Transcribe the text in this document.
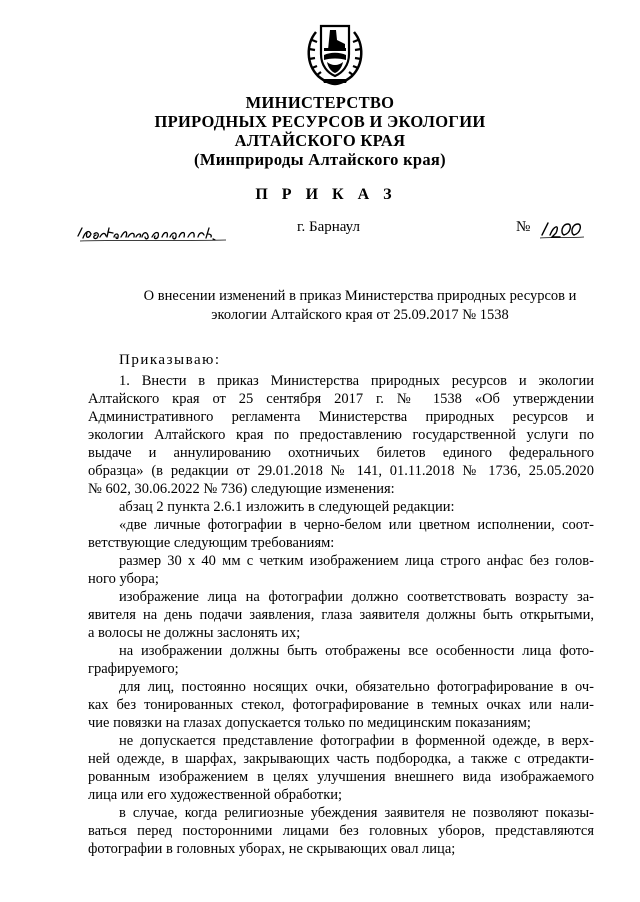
МИНИСТЕРСТВО
ПРИРОДНЫХ РЕСУРСОВ И ЭКОЛОГИИ
АЛТАЙСКОГО КРАЯ
(Минприроды Алтайского края)
П Р И К А З
г. Барнаул	№
О внесении изменений в приказ Министерства природных ресурсов и
экологии Алтайского края от 25.09.2017 № 1538
Приказываю:
1. Внести в приказ Министерства природных ресурсов и экологии
Алтайского края от 25 сентября 2017 г. № 1538 «Об утверждении
Административного регламента Министерства природных ресурсов и
экологии Алтайского края по предоставлению государственной услуги по
выдаче и аннулированию охотничьих билетов единого федерального
образца» (в редакции от 29.01.2018 № 141, 01.11.2018 № 1736, 25.05.2020
№ 602, 30.06.2022 № 736) следующие изменения:
абзац 2 пункта 2.6.1 изложить в следующей редакции:
«две личные фотографии в черно-белом или цветном исполнении, соот-
ветствующие следующим требованиям:
размер 30 х 40 мм с четким изображением лица строго анфас без голов-
ного убора;
изображение лица на фотографии должно соответствовать возрасту за-
явителя на день подачи заявления, глаза заявителя должны быть открытыми,
а волосы не должны заслонять их;
на изображении должны быть отображены все особенности лица фото-
графируемого;
для лиц, постоянно носящих очки, обязательно фотографирование в оч-
ках без тонированных стекол, фотографирование в темных очках или нали-
чие повязки на глазах допускается только по медицинским показаниям;
не допускается представление фотографии в форменной одежде, в верх-
ней одежде, в шарфах, закрывающих часть подбородка, а также с отредакти-
рованным изображением в целях улучшения внешнего вида изображаемого
лица или его художественной обработки;
в случае, когда религиозные убеждения заявителя не позволяют показы-
ваться перед посторонними лицами без головных уборов, представляются
фотографии в головных уборах, не скрывающих овал лица;
